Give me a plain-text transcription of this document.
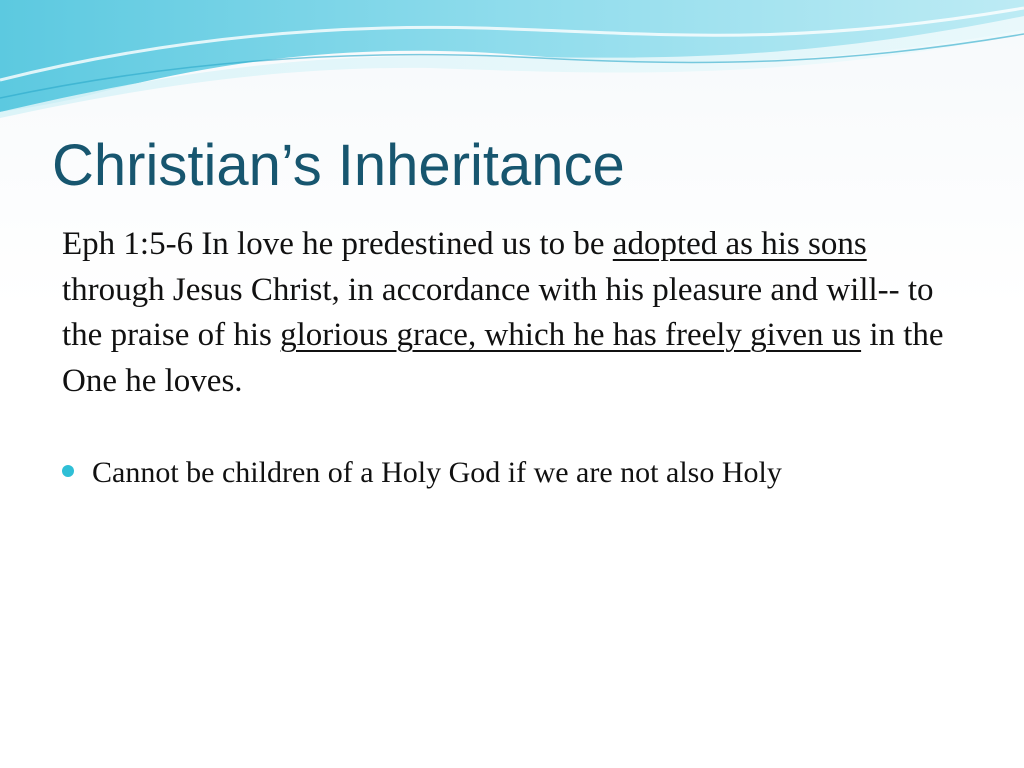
Christian’s Inheritance

Eph 1:5-6 In love he predestined us to be adopted as his sons through Jesus Christ, in accordance with his pleasure and will-- to the praise of his glorious grace, which he has freely given us in the One he loves.

Cannot be children of a Holy God if we are not also Holy
